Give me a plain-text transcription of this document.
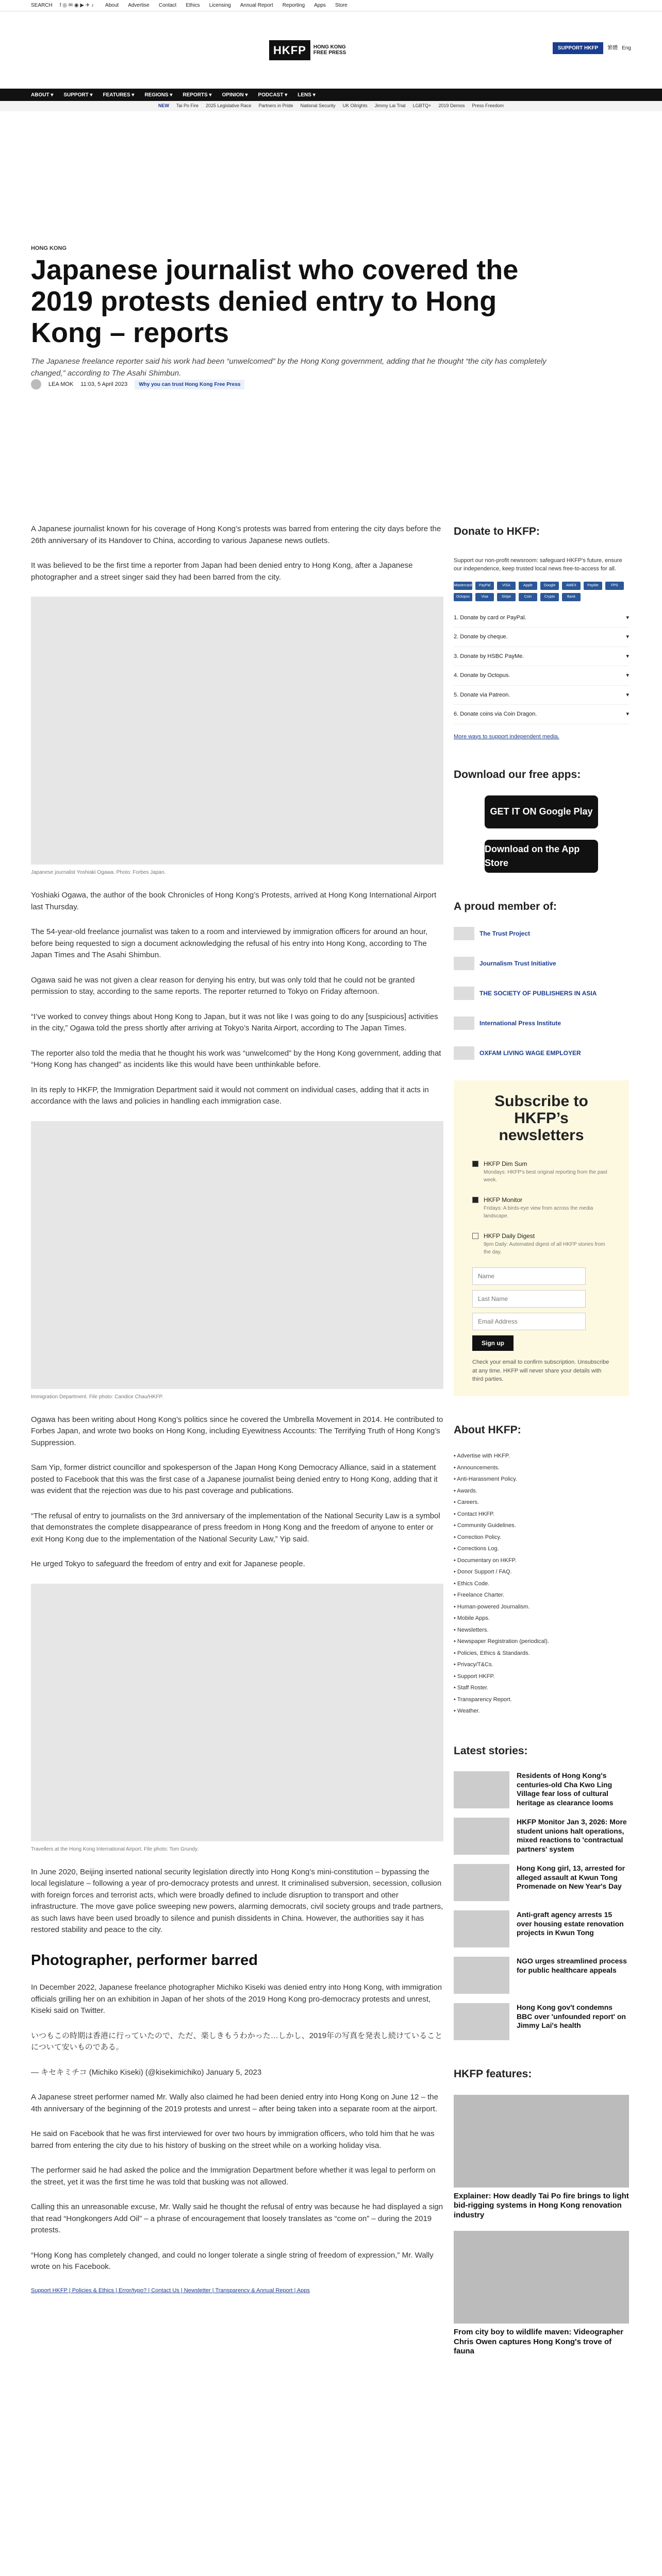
SEARCH f ◎ ✉ ◉ ▶ ✈ ♪ About Advertise Contact Ethics Licensing Annual Report Reporting Apps Store
HKFP	HONG KONG FREE PRESS
SUPPORT HKFP	繁體 Eng
ABOUT ▾ SUPPORT ▾ FEATURES ▾ REGIONS ▾ REPORTS ▾ OPINION ▾ PODCAST ▾ LENS ▾
NEW Tai Po Fire 2025 Legislative Race Partners in Pride National Security UK Oilrights Jimmy Lai Trial LGBTQ+ 2019 Demos Press Freedom
HONG KONG
Japanese journalist who covered the 2019 protests denied entry to Hong Kong – reports
The Japanese freelance reporter said his work had been “unwelcomed” by the Hong Kong government, adding that he thought “the city has completely changed,” according to The Asahi Shimbun.
LEA MOK 11:03, 5 April 2023	Why you can trust Hong Kong Free Press

A Japanese journalist known for his coverage of Hong Kong’s protests was barred from entering the city days before the 26th anniversary of its Handover to China, according to various Japanese news outlets.

It was believed to be the first time a reporter from Japan had been denied entry to Hong Kong, after a Japanese photographer and a street singer said they had been barred from the city.

Japanese journalist Yoshiaki Ogawa. Photo: Forbes Japan.

Yoshiaki Ogawa, the author of the book Chronicles of Hong Kong’s Protests, arrived at Hong Kong International Airport last Thursday.

The 54-year-old freelance journalist was taken to a room and interviewed by immigration officers for around an hour, before being requested to sign a document acknowledging the refusal of his entry into Hong Kong, according to The Japan Times and The Asahi Shimbun.

Ogawa said he was not given a clear reason for denying his entry, but was only told that he could not be granted permission to stay, according to the same reports. The reporter returned to Tokyo on Friday afternoon.

“I’ve worked to convey things about Hong Kong to Japan, but it was not like I was going to do any [suspicious] activities in the city,” Ogawa told the press shortly after arriving at Tokyo’s Narita Airport, according to The Japan Times.

The reporter also told the media that he thought his work was “unwelcomed” by the Hong Kong government, adding that “Hong Kong has changed” as incidents like this would have been unthinkable before.

In its reply to HKFP, the Immigration Department said it would not comment on individual cases, adding that it acts in accordance with the laws and policies in handling each immigration case.

Immigration Department. File photo: Candice Chau/HKFP.

Ogawa has been writing about Hong Kong’s politics since he covered the Umbrella Movement in 2014. He contributed to Forbes Japan, and wrote two books on Hong Kong, including Eyewitness Accounts: The Terrifying Truth of Hong Kong’s Suppression.

Sam Yip, former district councillor and spokesperson of the Japan Hong Kong Democracy Alliance, said in a statement posted to Facebook that this was the first case of a Japanese journalist being denied entry to Hong Kong, adding that it was evident that the rejection was due to his past coverage and publications.

“The refusal of entry to journalists on the 3rd anniversary of the implementation of the National Security Law is a symbol that demonstrates the complete disappearance of press freedom in Hong Kong and the freedom of anyone to enter or exit Hong Kong due to the implementation of the National Security Law,” Yip said.

He urged Tokyo to safeguard the freedom of entry and exit for Japanese people.

Travellers at the Hong Kong International Airport. File photo: Tom Grundy.

In June 2020, Beijing inserted national security legislation directly into Hong Kong’s mini-constitution – bypassing the local legislature – following a year of pro-democracy protests and unrest. It criminalised subversion, secession, collusion with foreign forces and terrorist acts, which were broadly defined to include disruption to transport and other infrastructure. The move gave police sweeping new powers, alarming democrats, civil society groups and trade partners, as such laws have been used broadly to silence and punish dissidents in China. However, the authorities say it has restored stability and peace to the city.

Photographer, performer barred

In December 2022, Japanese freelance photographer Michiko Kiseki was denied entry into Hong Kong, with immigration officials grilling her on an exhibition in Japan of her shots of the 2019 Hong Kong pro-democracy protests and unrest, Kiseki said on Twitter.

いつもこの時期は香港に行っていたので、ただ、楽しきもうわかった…しかし、2019年の写真を発表し続けていることについて安いものである。

— キセキミチコ (Michiko Kiseki) (@kisekimichiko) January 5, 2023

A Japanese street performer named Mr. Wally also claimed he had been denied entry into Hong Kong on June 12 – the 4th anniversary of the beginning of the 2019 protests and unrest – after being taken into a separate room at the airport.

He said on Facebook that he was first interviewed for over two hours by immigration officers, who told him that he was barred from entering the city due to his history of busking on the street while on a working holiday visa.

The performer said he had asked the police and the Immigration Department before whether it was legal to perform on the street, yet it was the first time he was told that busking was not allowed.

Calling this an unreasonable excuse, Mr. Wally said he thought the refusal of entry was because he had displayed a sign that read “Hongkongers Add Oil” – a phrase of encouragement that loosely translates as “come on” – during the 2019 protests.

“Hong Kong has completely changed, and could no longer tolerate a single string of freedom of expression,” Mr. Wally wrote on his Facebook.

Support HKFP | Policies & Ethics | Error/typo? | Contact Us | Newsletter | Transparency & Annual Report | Apps

Donate to HKFP:
Support our non-profit newsroom: safeguard HKFP's future, ensure our independence, keep trusted local news free-to-access for all.
Mastercard	PayPal	VISA	Apple	Google	AMEX	PayMe	FPS
Octopus	Visa	Stripe	Coin	Crypto	Bank
1. Donate by card or PayPal.	▾
2. Donate by cheque.	▾
3. Donate by HSBC PayMe.	▾
4. Donate by Octopus.	▾
5. Donate via Patreon.	▾
6. Donate coins via Coin Dragon.	▾
More ways to support independent media.
Download our free apps:
GET IT ON Google Play
Download on the App Store
A proud member of:
The Trust Project
Journalism Trust Initiative
THE SOCIETY OF PUBLISHERS IN ASIA
International Press Institute
OXFAM LIVING WAGE EMPLOYER
Subscribe to HKFP’s newsletters
HKFP Dim Sum
Mondays: HKFP's best original reporting from the past week.
HKFP Monitor
Fridays: A birds-eye view from across the media landscape.
HKFP Daily Digest
9pm Daily: Automated digest of all HKFP stories from the day.
Name Last Name Email Address Sign up
Check your email to confirm subscription. Unsubscribe at any time. HKFP will never share your details with third parties.
About HKFP:
• Advertise with HKFP.
• Announcements.
• Anti-Harassment Policy.
• Awards.
• Careers.
• Contact HKFP.
• Community Guidelines.
• Correction Policy.
• Corrections Log.
• Documentary on HKFP.
• Donor Support / FAQ.
• Ethics Code.
• Freelance Charter.
• Human-powered Journalism.
• Mobile Apps.
• Newsletters.
• Newspaper Registration (periodical).
• Policies, Ethics & Standards.
• Privacy/T&Cs.
• Support HKFP.
• Staff Roster.
• Transparency Report.
• Weather.
Latest stories:
Residents of Hong Kong's centuries-old Cha Kwo Ling Village fear loss of cultural heritage as clearance looms
HKFP Monitor Jan 3, 2026: More student unions halt operations, mixed reactions to 'contractual partners' system
Hong Kong girl, 13, arrested for alleged assault at Kwun Tong Promenade on New Year's Day
Anti-graft agency arrests 15 over housing estate renovation projects in Kwun Tong
NGO urges streamlined process for public healthcare appeals
Hong Kong gov't condemns BBC over 'unfounded report' on Jimmy Lai's health
HKFP features:
Explainer: How deadly Tai Po fire brings to light bid-rigging systems in Hong Kong renovation industry
From city boy to wildlife maven: Videographer Chris Owen captures Hong Kong's trove of fauna
